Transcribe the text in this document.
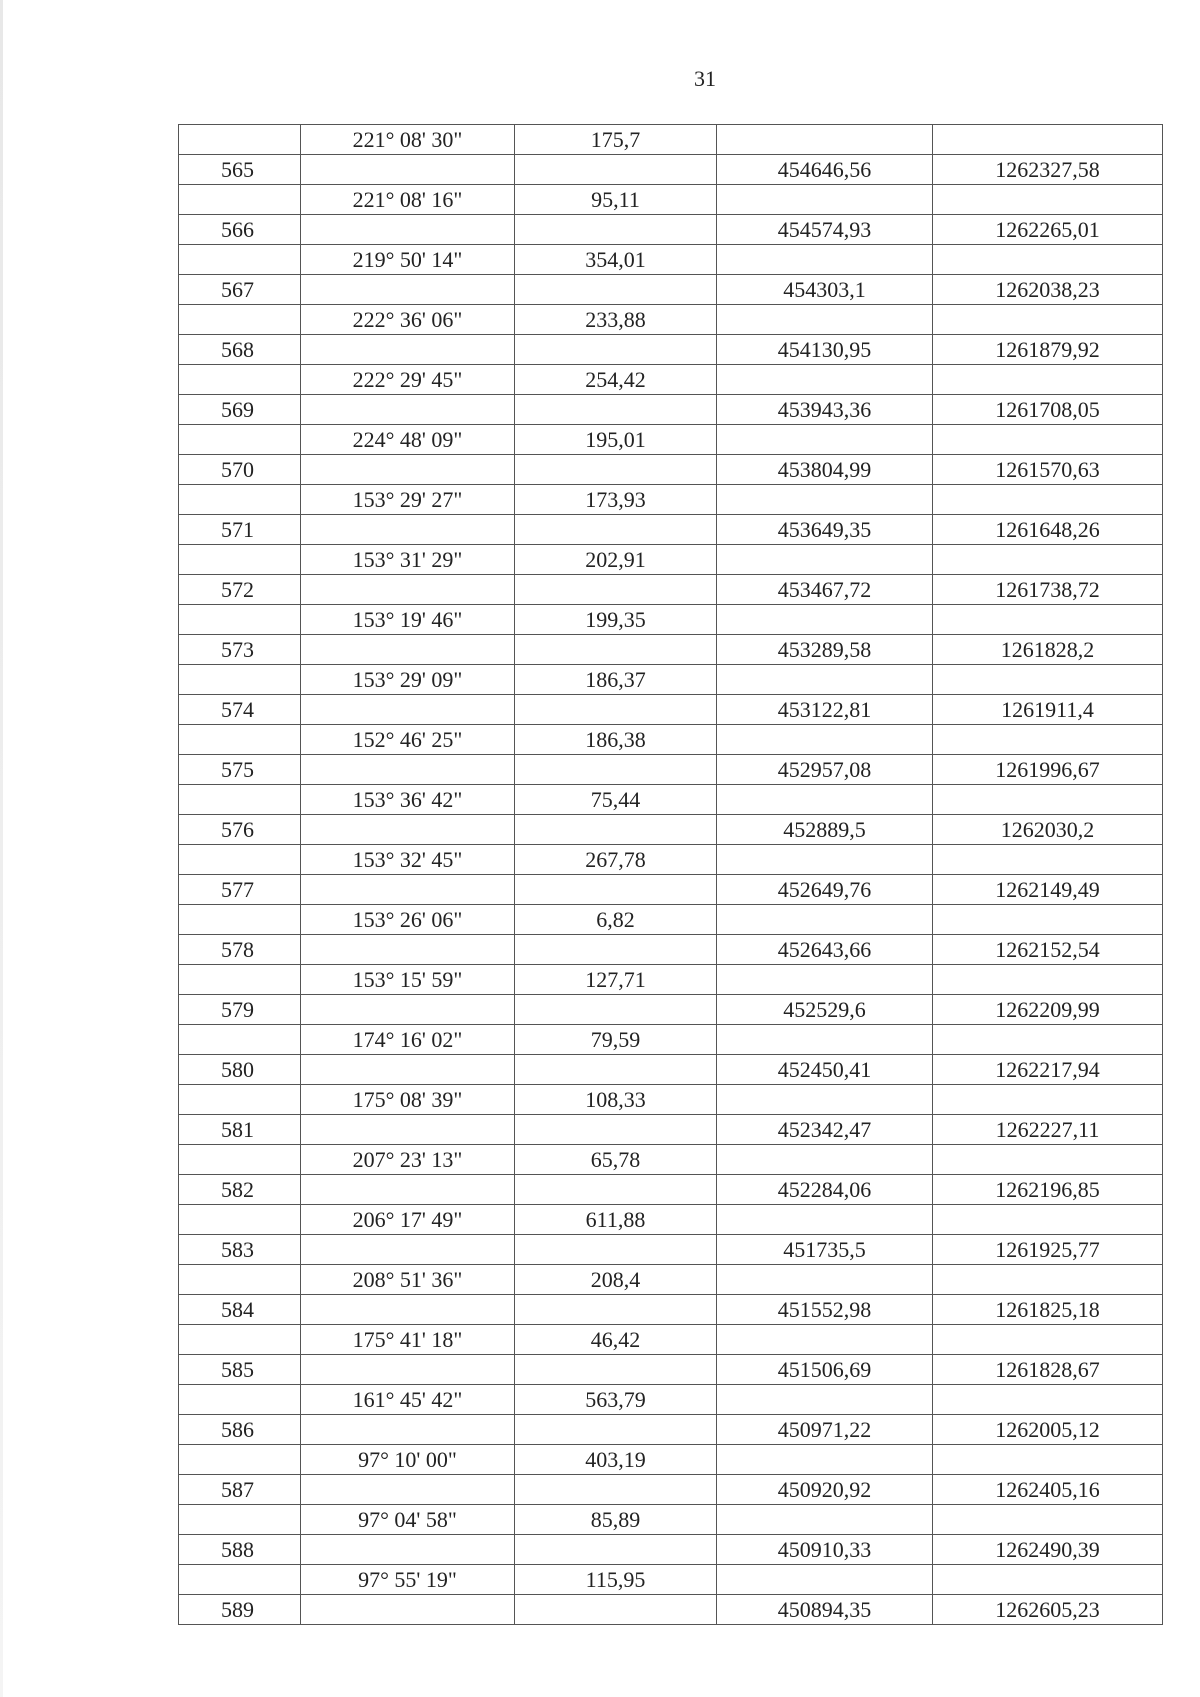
31
	221° 08' 30"	175,7		
565			454646,56	1262327,58
	221° 08' 16"	95,11		
566			454574,93	1262265,01
	219° 50' 14"	354,01		
567			454303,1	1262038,23
	222° 36' 06"	233,88		
568			454130,95	1261879,92
	222° 29' 45"	254,42		
569			453943,36	1261708,05
	224° 48' 09"	195,01		
570			453804,99	1261570,63
	153° 29' 27"	173,93		
571			453649,35	1261648,26
	153° 31' 29"	202,91		
572			453467,72	1261738,72
	153° 19' 46"	199,35		
573			453289,58	1261828,2
	153° 29' 09"	186,37		
574			453122,81	1261911,4
	152° 46' 25"	186,38		
575			452957,08	1261996,67
	153° 36' 42"	75,44		
576			452889,5	1262030,2
	153° 32' 45"	267,78		
577			452649,76	1262149,49
	153° 26' 06"	6,82		
578			452643,66	1262152,54
	153° 15' 59"	127,71		
579			452529,6	1262209,99
	174° 16' 02"	79,59		
580			452450,41	1262217,94
	175° 08' 39"	108,33		
581			452342,47	1262227,11
	207° 23' 13"	65,78		
582			452284,06	1262196,85
	206° 17' 49"	611,88		
583			451735,5	1261925,77
	208° 51' 36"	208,4		
584			451552,98	1261825,18
	175° 41' 18"	46,42		
585			451506,69	1261828,67
	161° 45' 42"	563,79		
586			450971,22	1262005,12
	97° 10' 00"	403,19		
587			450920,92	1262405,16
	97° 04' 58"	85,89		
588			450910,33	1262490,39
	97° 55' 19"	115,95		
589			450894,35	1262605,23
